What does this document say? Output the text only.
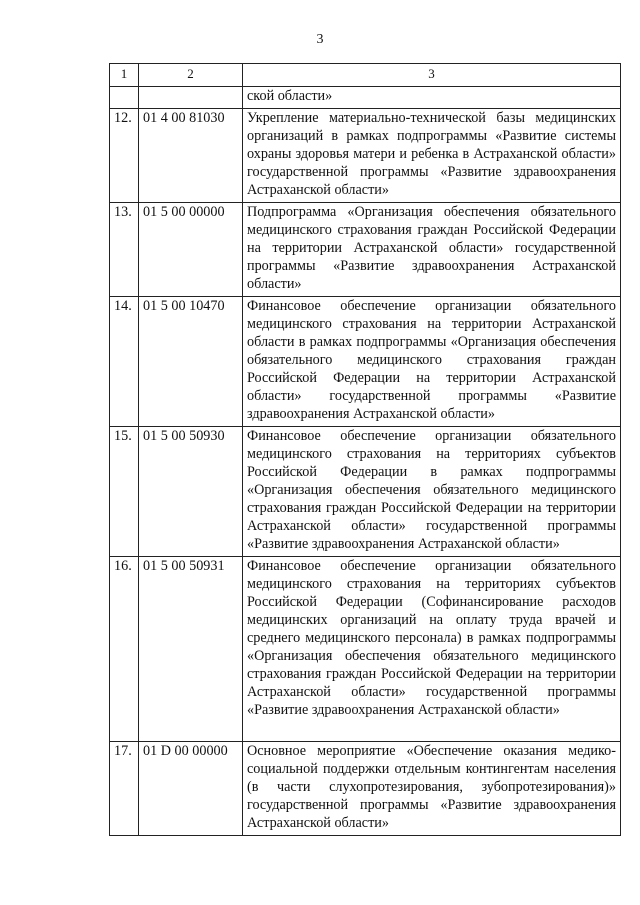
3
1	2	3
		ской области»
12.	01 4 00 81030	Укрепление материально-технической базы медицинских организаций в рамках подпрограммы «Развитие системы охраны здоровья матери и ребенка в Астраханской области» государственной программы «Развитие здравоохранения Астраханской области»
13.	01 5 00 00000	Подпрограмма «Организация обеспечения обязательного медицинского страхования граждан Российской Федерации на территории Астраханской области» государственной программы «Развитие здравоохранения Астраханской области»
14.	01 5 00 10470	Финансовое обеспечение организации обязательного медицинского страхования на территории Астраханской области в рамках подпрограммы «Организация обеспечения обязательного медицинского страхования граждан Российской Федерации на территории Астраханской области» государственной программы «Развитие здравоохранения Астраханской области»
15.	01 5 00 50930	Финансовое обеспечение организации обязательного медицинского страхования на территориях субъектов Российской Федерации в рамках подпрограммы «Организация обеспечения обязательного медицинского страхования граждан Российской Федерации на территории Астраханской области» государственной программы «Развитие здравоохранения Астраханской области»
16.	01 5 00 50931	Финансовое обеспечение организации обязательного медицинского страхования на территориях субъектов Российской Федерации (Софинансирование расходов медицинских организаций на оплату труда врачей и среднего медицинского персонала) в рамках подпрограммы «Организация обеспечения обязательного медицинского страхования граждан Российской Федерации на территории Астраханской области» государственной программы «Развитие здравоохранения Астраханской области»
17.	01 D 00 00000	Основное мероприятие «Обеспечение оказания медико-социальной поддержки отдельным контингентам населения (в части слухопротезирования, зубопротезирования)» государственной программы «Развитие здравоохранения Астраханской области»
